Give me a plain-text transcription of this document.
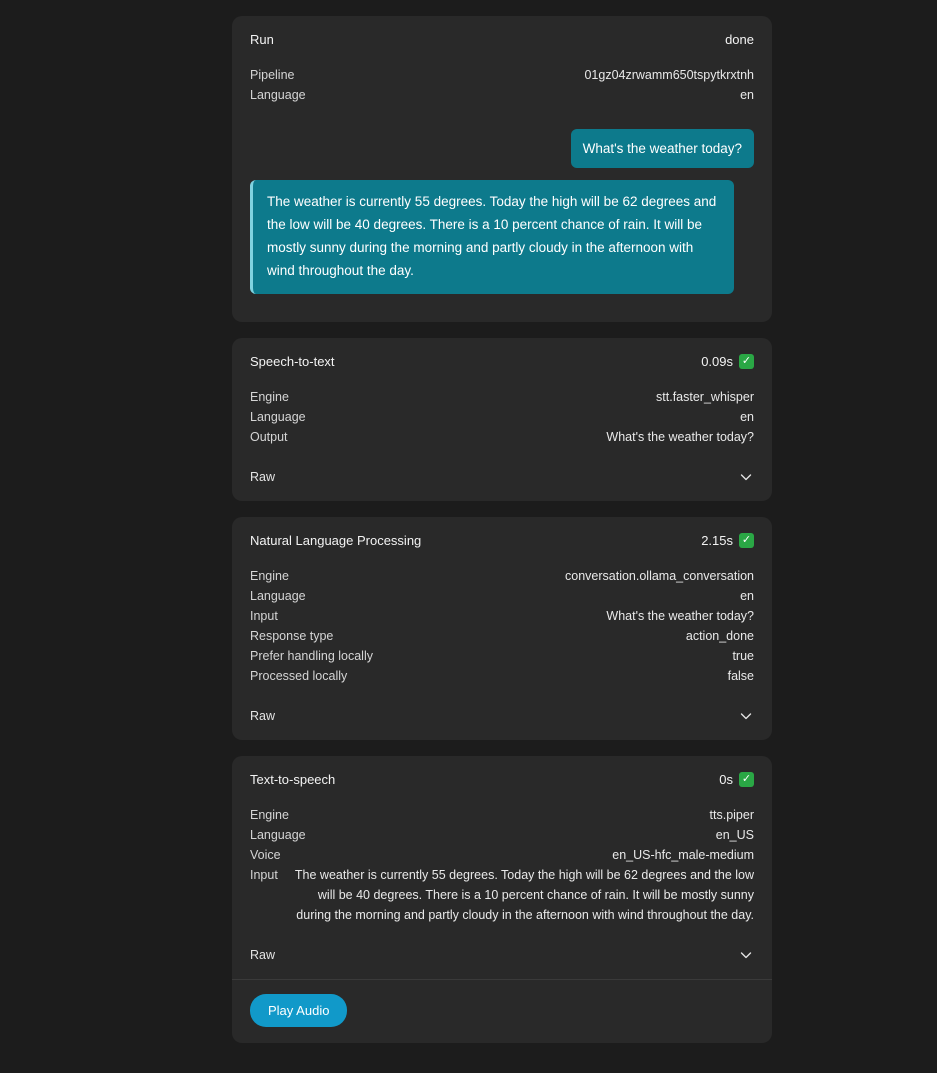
Run	done
Pipeline	01gz04zrwamm650tspytkrxtnh
Language	en
What's the weather today?
The weather is currently 55 degrees. Today the high will be 62 degrees and the low will be 40 degrees. There is a 10 percent chance of rain. It will be mostly sunny during the morning and partly cloudy in the afternoon with wind throughout the day.
Speech-to-text	0.09s ✓
Engine	stt.faster_whisper
Language	en
Output	What's the weather today?
Raw
Natural Language Processing	2.15s ✓
Engine	conversation.ollama_conversation
Language	en
Input	What's the weather today?
Response type	action_done
Prefer handling locally	true
Processed locally	false
Raw
Text-to-speech	0s ✓
Engine	tts.piper
Language	en_US
Voice	en_US-hfc_male-medium
Input	The weather is currently 55 degrees. Today the high will be 62 degrees and the low will be 40 degrees. There is a 10 percent chance of rain. It will be mostly sunny during the morning and partly cloudy in the afternoon with wind throughout the day.
Raw
Play Audio
